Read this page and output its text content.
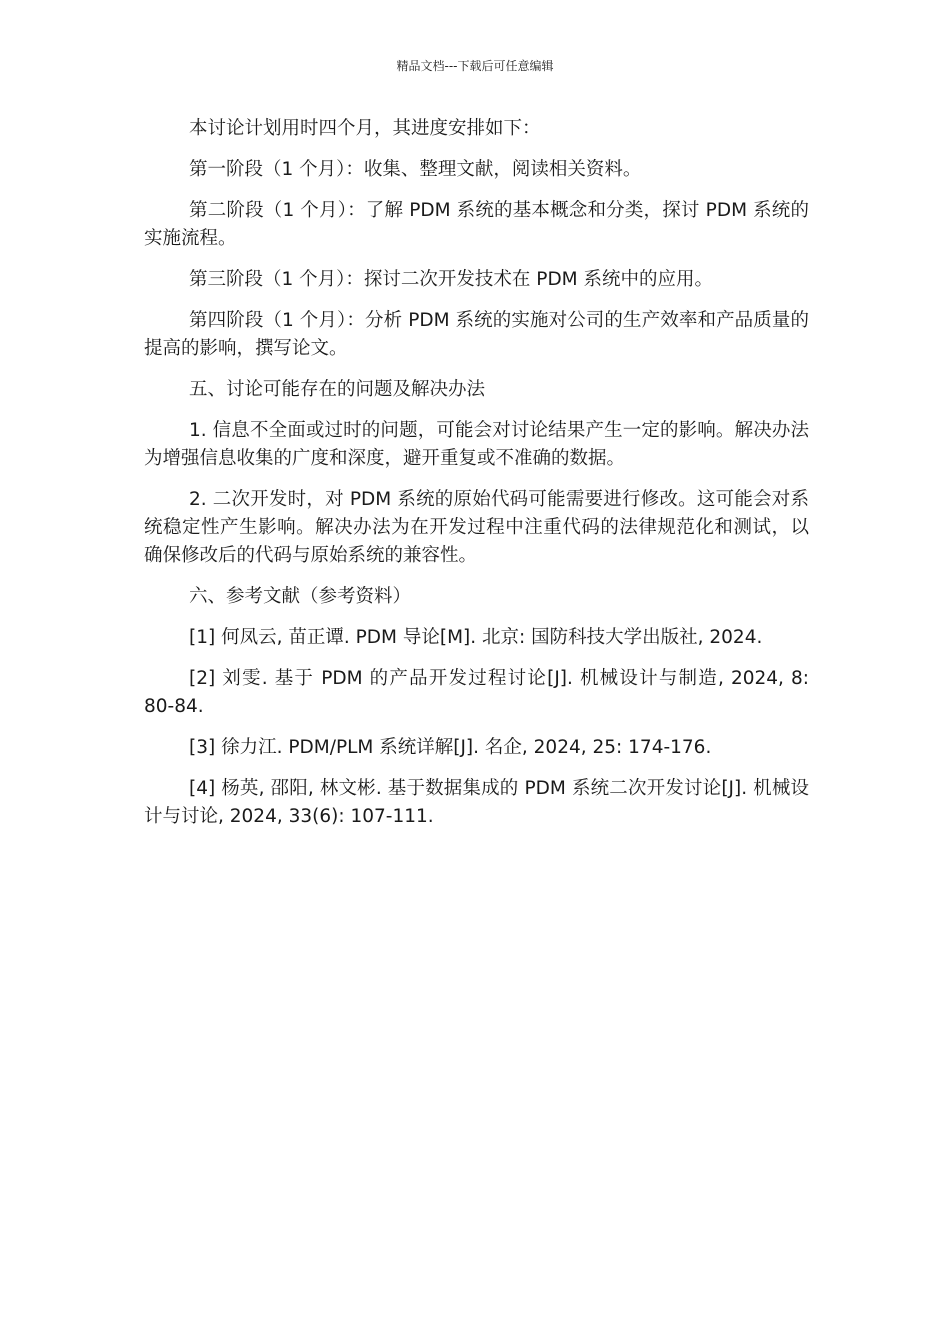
精品文档---下载后可任意编辑

本讨论计划用时四个月，其进度安排如下：

第一阶段（1 个月）：收集、整理文献，阅读相关资料。

第二阶段（1 个月）：了解 PDM 系统的基本概念和分类，探讨 PDM 系统的实施流程。

第三阶段（1 个月）：探讨二次开发技术在 PDM 系统中的应用。

第四阶段（1 个月）：分析 PDM 系统的实施对公司的生产效率和产品质量的提高的影响，撰写论文。

五、讨论可能存在的问题及解决办法

1. 信息不全面或过时的问题，可能会对讨论结果产生一定的影响。解决办法为增强信息收集的广度和深度，避开重复或不准确的数据。

2. 二次开发时，对 PDM 系统的原始代码可能需要进行修改。这可能会对系统稳定性产生影响。解决办法为在开发过程中注重代码的法律规范化和测试，以确保修改后的代码与原始系统的兼容性。

六、参考文献（参考资料）

[1] 何凤云, 苗正谭. PDM 导论[M]. 北京: 国防科技大学出版社, 2024.

[2] 刘雯. 基于 PDM 的产品开发过程讨论[J]. 机械设计与制造, 2024, 8: 80-84.

[3] 徐力江. PDM/PLM 系统详解[J]. 名企, 2024, 25: 174-176.

[4] 杨英, 邵阳, 林文彬. 基于数据集成的 PDM 系统二次开发讨论[J]. 机械设计与讨论, 2024, 33(6): 107-111.
